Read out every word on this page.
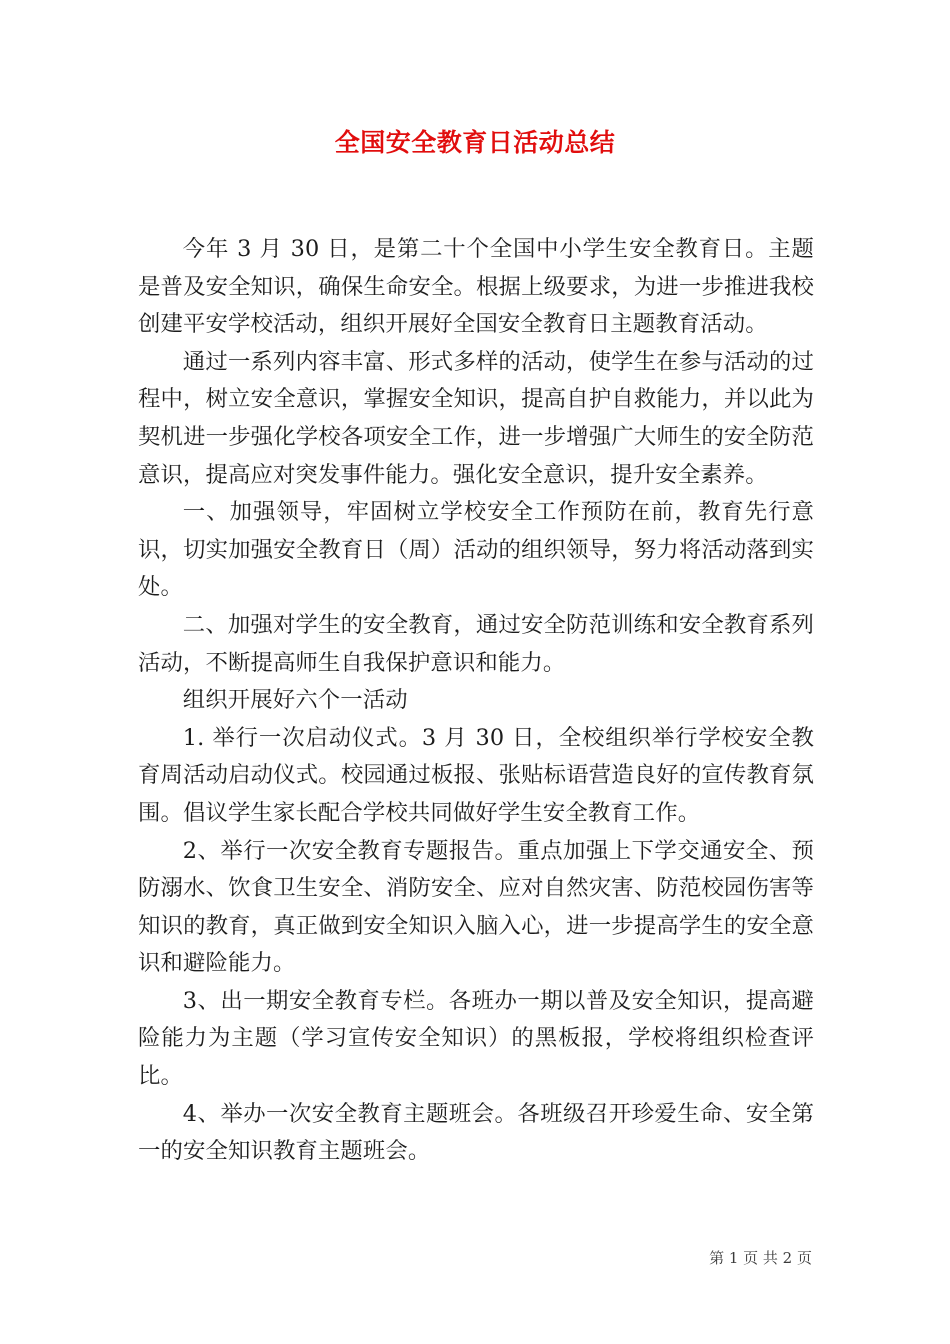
全国安全教育日活动总结

今年 3 月 30 日，是第二十个全国中小学生安全教育日。主题是普及安全知识，确保生命安全。根据上级要求，为进一步推进我校创建平安学校活动，组织开展好全国安全教育日主题教育活动。

通过一系列内容丰富、形式多样的活动，使学生在参与活动的过程中，树立安全意识，掌握安全知识，提高自护自救能力，并以此为契机进一步强化学校各项安全工作，进一步增强广大师生的安全防范意识，提高应对突发事件能力。强化安全意识，提升安全素养。

一、加强领导，牢固树立学校安全工作预防在前，教育先行意识，切实加强安全教育日（周）活动的组织领导，努力将活动落到实处。

二、加强对学生的安全教育，通过安全防范训练和安全教育系列活动，不断提高师生自我保护意识和能力。

组织开展好六个一活动

1. 举行一次启动仪式。3 月 30 日，全校组织举行学校安全教育周活动启动仪式。校园通过板报、张贴标语营造良好的宣传教育氛围。倡议学生家长配合学校共同做好学生安全教育工作。

2、举行一次安全教育专题报告。重点加强上下学交通安全、预防溺水、饮食卫生安全、消防安全、应对自然灾害、防范校园伤害等知识的教育，真正做到安全知识入脑入心，进一步提高学生的安全意识和避险能力。

3、出一期安全教育专栏。各班办一期以普及安全知识，提高避险能力为主题（学习宣传安全知识）的黑板报，学校将组织检查评比。

4、举办一次安全教育主题班会。各班级召开珍爱生命、安全第一的安全知识教育主题班会。

第 1 页 共 2 页
